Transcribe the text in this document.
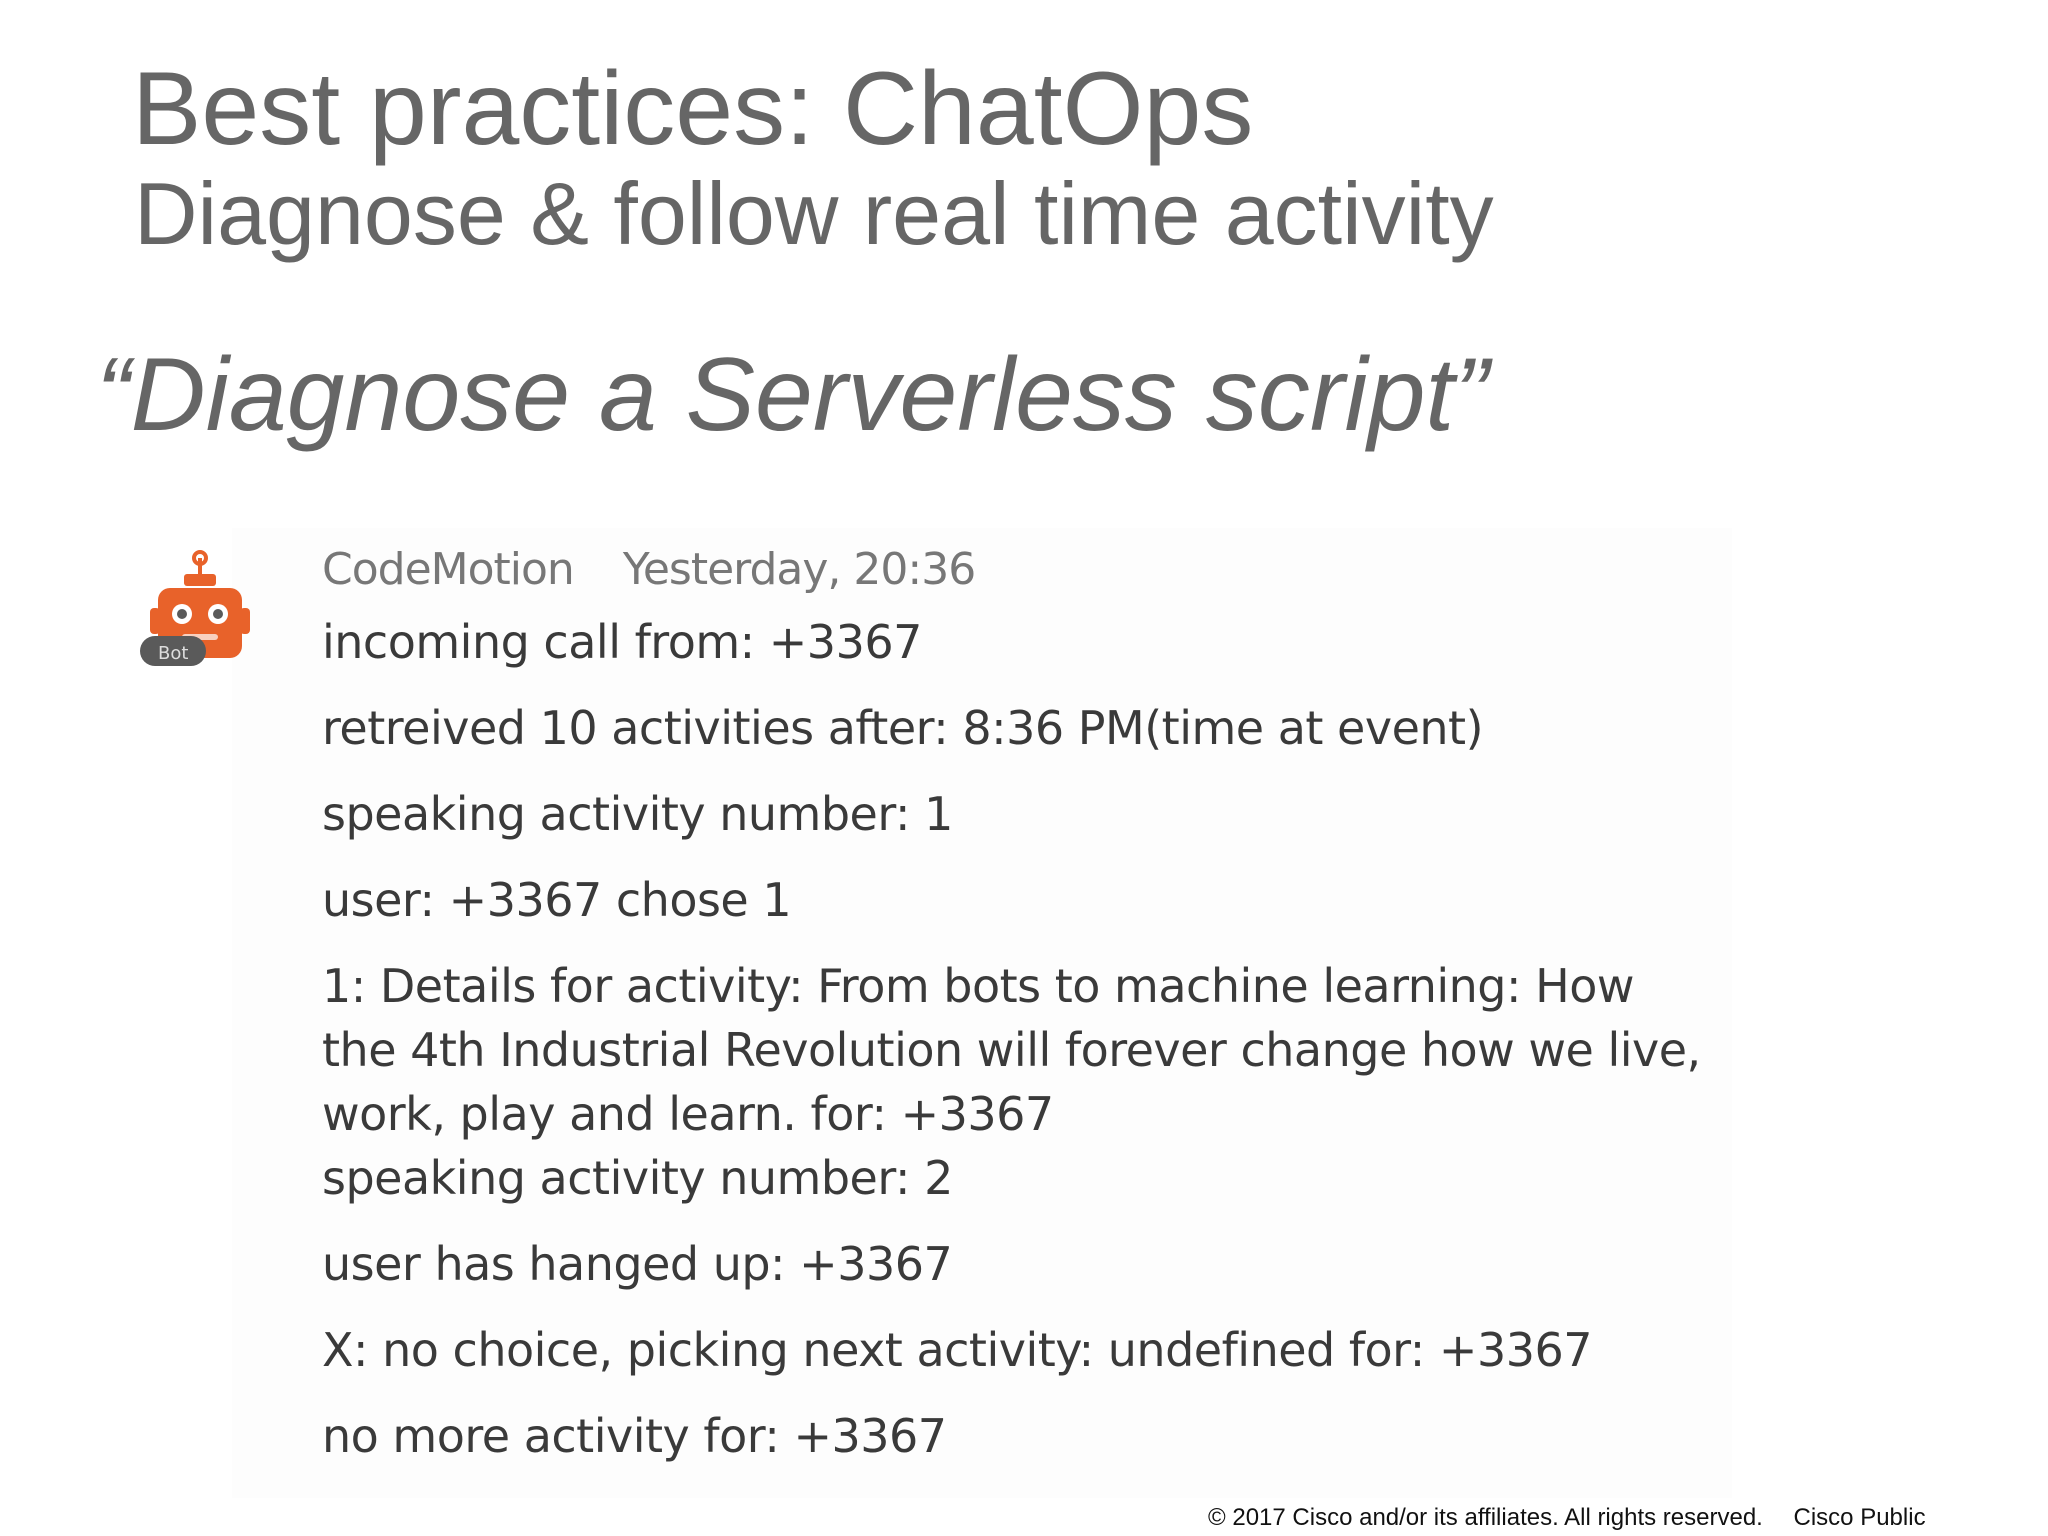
Best practices: ChatOps
Diagnose & follow real time activity
“Diagnose a Serverless script”
Bot
CodeMotion Yesterday, 20:36

incoming call from: +3367

retreived 10 activities after: 8:36 PM(time at event)

speaking activity number: 1

user: +3367 chose 1

1: Details for activity: From bots to machine learning: How the 4th Industrial Revolution will forever change how we live, work, play and learn. for: +3367

speaking activity number: 2

user has hanged up: +3367

X: no choice, picking next activity: undefined for: +3367

no more activity for: +3367

© 2017 Cisco and/or its affiliates. All rights reserved. Cisco Public
